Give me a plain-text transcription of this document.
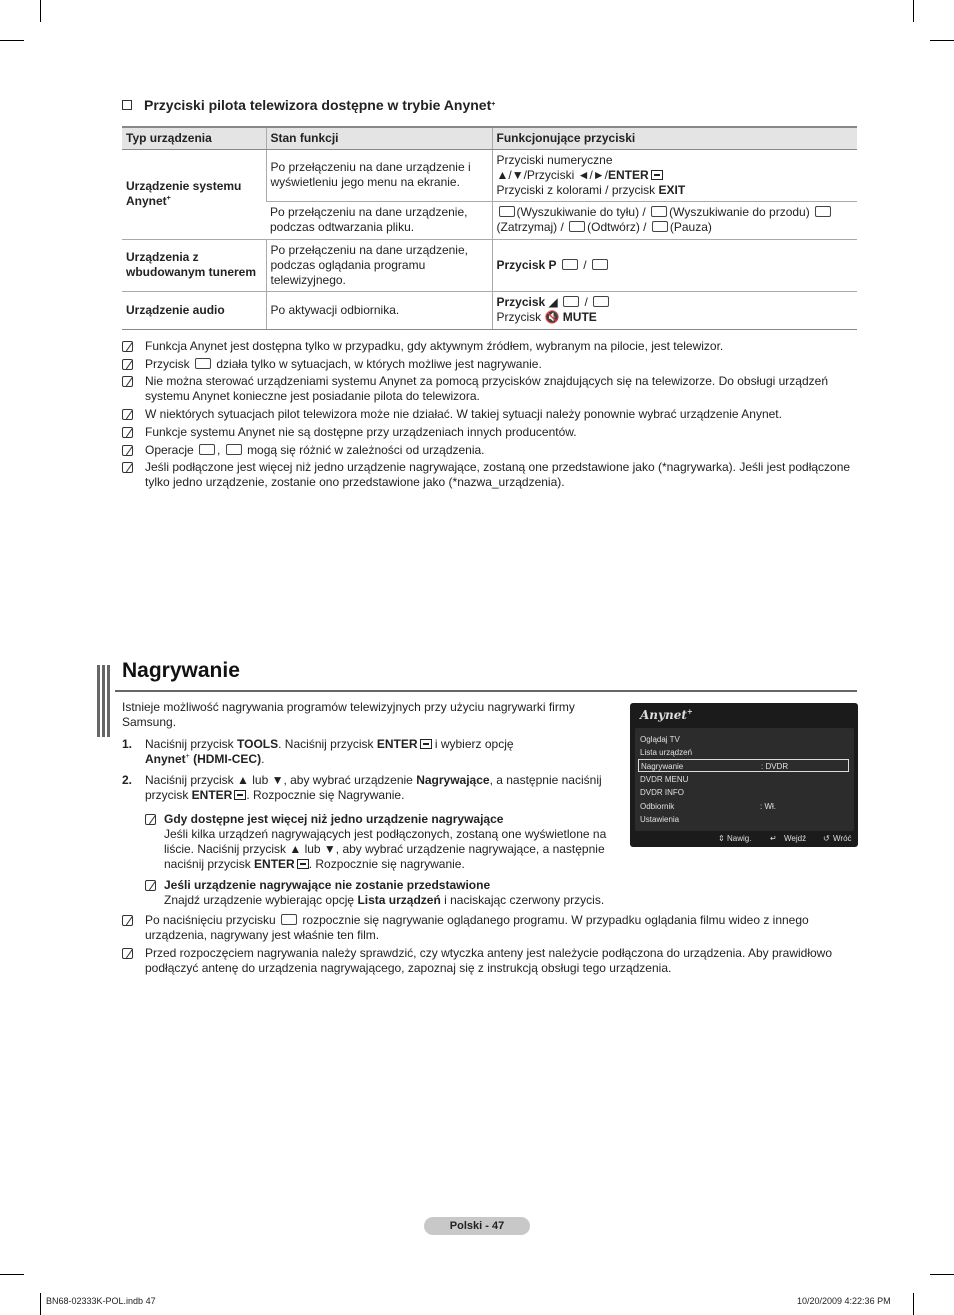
Przyciski pilota telewizora dostępne w trybie Anynet +
Typ urządzenia	Stan funkcji	Funkcjonujące przyciski
Urządzenie systemu Anynet+	Po przełączeniu na dane urządzenie i wyświetleniu jego menu na ekranie.	Przyciski numeryczne
▲/▼/Przyciski ◄/►/ENTER
Przyciski z kolorami / przycisk EXIT

	Po przełączeniu na dane urządzenie, podczas odtwarzania pliku.	(Wyszukiwanie do tyłu) / (Wyszukiwanie do przodu)
(Zatrzymaj) / (Odtwórz) / (Pauza)
Urządzenia z wbudowanym tunerem	Po przełączeniu na dane urządzenie, podczas oglądania programu telewizyjnego.	Przycisk P  /
Urządzenie audio	Po aktywacji odbiornika.	Przycisk ◢  /
Przycisk 🔇 MUTE
Funkcja Anynet jest dostępna tylko w przypadku, gdy aktywnym źródłem, wybranym na pilocie, jest telewizor.
Przycisk działa tylko w sytuacjach, w których możliwe jest nagrywanie.
Nie można sterować urządzeniami systemu Anynet za pomocą przycisków znajdujących się na telewizorze. Do obsługi urządzeń systemu Anynet konieczne jest posiadanie pilota do telewizora.
W niektórych sytuacjach pilot telewizora może nie działać. W takiej sytuacji należy ponownie wybrać urządzenie Anynet.
Funkcje systemu Anynet nie są dostępne przy urządzeniach innych producentów.
Operacje ,  mogą się różnić w zależności od urządzenia.
Jeśli podłączone jest więcej niż jedno urządzenie nagrywające, zostaną one przedstawione jako (*nagrywarka). Jeśli jest podłączone tylko jedno urządzenie, zostanie ono przedstawione jako (*nazwa_urządzenia).
Nagrywanie
Istnieje możliwość nagrywania programów telewizyjnych przy użyciu nagrywarki firmy Samsung.
1.	Naciśnij przycisk TOOLS. Naciśnij przycisk ENTER i wybierz opcję
Anynet+ (HDMI-CEC).
2.	Naciśnij przycisk ▲ lub ▼, aby wybrać urządzenie Nagrywające, a następnie naciśnij przycisk ENTER . Rozpocznie się Nagrywanie.
Gdy dostępne jest więcej niż jedno urządzenie nagrywające
Jeśli kilka urządzeń nagrywających jest podłączonych, zostaną one wyświetlone na liście. Naciśnij przycisk ▲ lub ▼, aby wybrać urządzenie nagrywające, a następnie naciśnij przycisk ENTER . Rozpocznie się nagrywanie.
Jeśli urządzenie nagrywające nie zostanie przedstawione
Znajdź urządzenie wybierając opcję Lista urządzeń i naciskając czerwony przycis.
Po naciśnięciu przycisku  rozpocznie się nagrywanie oglądanego programu. W przypadku oglądania filmu wideo z innego urządzenia, nagrywany jest właśnie ten film.
Przed rozpoczęciem nagrywania należy sprawdzić, czy wtyczka anteny jest należycie podłączona do urządzenia. Aby prawidłowo podłączyć antenę do urządzenia nagrywającego, zapoznaj się z instrukcją obsługi tego urządzenia.
Anynet+
Oglądaj TV
Lista urządzeń
Nagrywanie	: DVDR
DVDR MENU
DVDR INFO
Odbiornik	: Wł.
Ustawienia
⇕ Nawig. ↵ Wejdź ↺ Wróć
Polski - 47
BN68-02333K-POL.indb 47	10/20/2009 4:22:36 PM
